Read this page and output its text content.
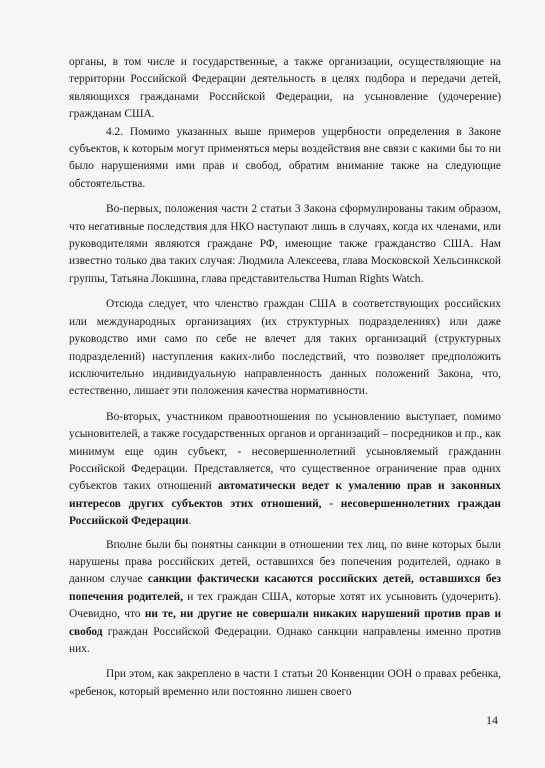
органы, в том числе и государственные, а также организации, осуществляющие на территории Российской Федерации деятельность в целях подбора и передачи детей, являющихся гражданами Российской Федерации, на усыновление (удочерение) гражданам США.

4.2. Помимо указанных выше примеров ущербности определения в Законе субъектов, к которым могут применяться меры воздействия вне связи с какими бы то ни было нарушениями ими прав и свобод, обратим внимание также на следующие обстоятельства.

Во-первых, положения части 2 статьи 3 Закона сформулированы таким образом, что негативные последствия для НКО наступают лишь в случаях, когда их членами, или руководителями являются граждане РФ, имеющие также гражданство США. Нам известно только два таких случая: Людмила Алексеева, глава Московской Хельсинкской группы, Татьяна Локшина, глава представительства Human Rights Watch.

Отсюда следует, что членство граждан США в соответствующих российских или международных организациях (их структурных подразделениях) или даже руководство ими само по себе не влечет для таких организаций (структурных подразделений) наступления каких-либо последствий, что позволяет предположить исключительно индивидуальную направленность данных положений Закона, что, естественно, лишает эти положения качества нормативности.

Во-вторых, участником правоотношения по усыновлению выступает, помимо усыновителей, а также государственных органов и организаций – посредников и пр., как минимум еще один субъект, - несовершеннолетний усыновляемый гражданин Российской Федерации. Представляется, что существенное ограничение прав одних субъектов таких отношений автоматически ведет к умалению прав и законных интересов других субъектов этих отношений, - несовершеннолетних граждан Российской Федерации.

Вполне были бы понятны санкции в отношении тех лиц, по вине которых были нарушены права российских детей, оставшихся без попечения родителей, однако в данном случае санкции фактически касаются российских детей, оставшихся без попечения родителей, и тех граждан США, которые хотят их усыновить (удочерить). Очевидно, что ни те, ни другие не совершали никаких нарушений против прав и свобод граждан Российской Федерации. Однако санкции направлены именно против них.

При этом, как закреплено в части 1 статьи 20 Конвенции ООН о правах ребенка, «ребенок, который временно или постоянно лишен своего

14
